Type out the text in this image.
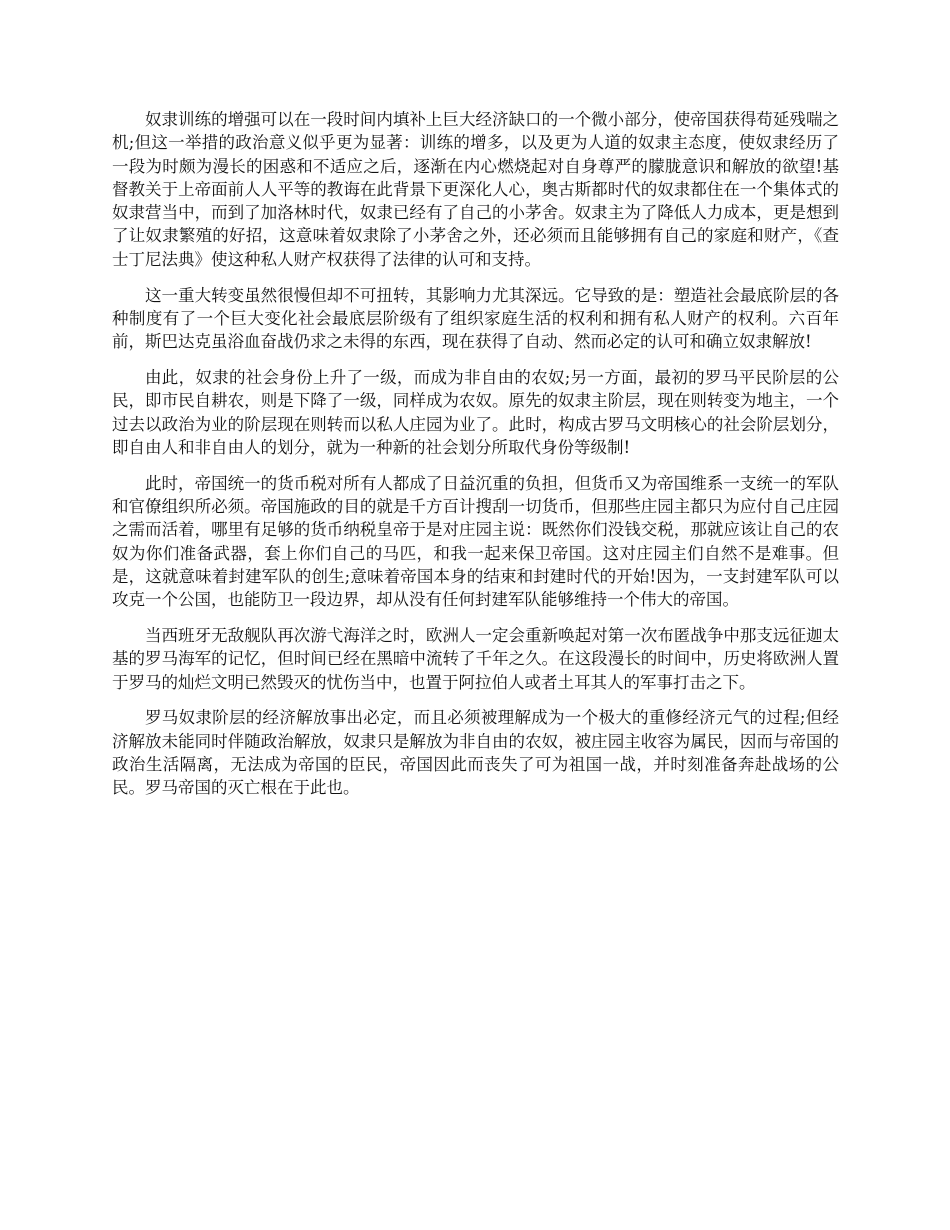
奴隶训练的增强可以在一段时间内填补上巨大经济缺口的一个微小部分，使帝国获得苟延残喘之机;但这一举措的政治意义似乎更为显著：训练的增多，以及更为人道的奴隶主态度，使奴隶经历了一段为时颇为漫长的困惑和不适应之后，逐渐在内心燃烧起对自身尊严的朦胧意识和解放的欲望!基督教关于上帝面前人人平等的教诲在此背景下更深化人心，奥古斯都时代的奴隶都住在一个集体式的奴隶营当中，而到了加洛林时代，奴隶已经有了自己的小茅舍。奴隶主为了降低人力成本，更是想到了让奴隶繁殖的好招，这意味着奴隶除了小茅舍之外，还必须而且能够拥有自己的家庭和财产，《查士丁尼法典》使这种私人财产权获得了法律的认可和支持。

这一重大转变虽然很慢但却不可扭转，其影响力尤其深远。它导致的是：塑造社会最底阶层的各种制度有了一个巨大变化社会最底层阶级有了组织家庭生活的权利和拥有私人财产的权利。六百年前，斯巴达克虽浴血奋战仍求之未得的东西，现在获得了自动、然而必定的认可和确立奴隶解放!

由此，奴隶的社会身份上升了一级，而成为非自由的农奴;另一方面，最初的罗马平民阶层的公民，即市民自耕农，则是下降了一级，同样成为农奴。原先的奴隶主阶层，现在则转变为地主，一个过去以政治为业的阶层现在则转而以私人庄园为业了。此时，构成古罗马文明核心的社会阶层划分，即自由人和非自由人的划分，就为一种新的社会划分所取代身份等级制!

此时，帝国统一的货币税对所有人都成了日益沉重的负担，但货币又为帝国维系一支统一的军队和官僚组织所必须。帝国施政的目的就是千方百计搜刮一切货币，但那些庄园主都只为应付自己庄园之需而活着，哪里有足够的货币纳税皇帝于是对庄园主说：既然你们没钱交税，那就应该让自己的农奴为你们准备武器，套上你们自己的马匹，和我一起来保卫帝国。这对庄园主们自然不是难事。但是，这就意味着封建军队的创生;意味着帝国本身的结束和封建时代的开始!因为，一支封建军队可以攻克一个公国，也能防卫一段边界，却从没有任何封建军队能够维持一个伟大的帝国。

当西班牙无敌舰队再次游弋海洋之时，欧洲人一定会重新唤起对第一次布匿战争中那支远征迦太基的罗马海军的记忆，但时间已经在黑暗中流转了千年之久。在这段漫长的时间中，历史将欧洲人置于罗马的灿烂文明已然毁灭的忧伤当中，也置于阿拉伯人或者土耳其人的军事打击之下。

罗马奴隶阶层的经济解放事出必定，而且必须被理解成为一个极大的重修经济元气的过程;但经济解放未能同时伴随政治解放，奴隶只是解放为非自由的农奴，被庄园主收容为属民，因而与帝国的政治生活隔离，无法成为帝国的臣民，帝国因此而丧失了可为祖国一战，并时刻准备奔赴战场的公民。罗马帝国的灭亡根在于此也。
